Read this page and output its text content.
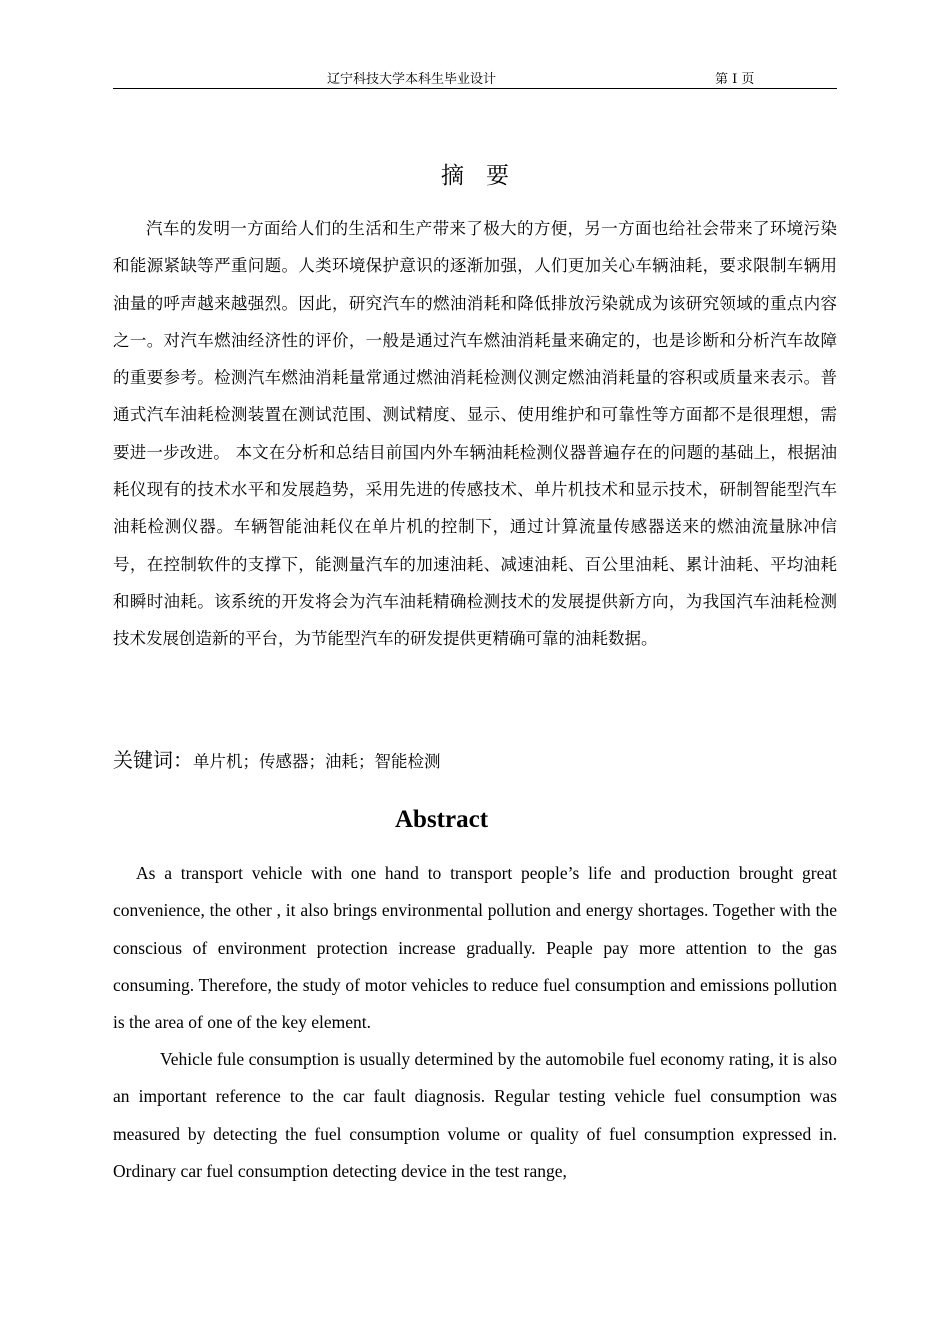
辽宁科技大学本科生毕业设计	第 I 页
摘要

汽车的发明一方面给人们的生活和生产带来了极大的方便，另一方面也给社会带来了环境污染和能源紧缺等严重问题。人类环境保护意识的逐渐加强，人们更加关心车辆油耗，要求限制车辆用油量的呼声越来越强烈。因此，研究汽车的燃油消耗和降低排放污染就成为该研究领域的重点内容之一。对汽车燃油经济性的评价，一般是通过汽车燃油消耗量来确定的，也是诊断和分析汽车故障的重要参考。检测汽车燃油消耗量常通过燃油消耗检测仪测定燃油消耗量的容积或质量来表示。普通式汽车油耗检测装置在测试范围、测试精度、显示、使用维护和可靠性等方面都不是很理想，需要进一步改进。 本文在分析和总结目前国内外车辆油耗检测仪器普遍存在的问题的基础上，根据油耗仪现有的技术水平和发展趋势，采用先进的传感技术、单片机技术和显示技术，研制智能型汽车油耗检测仪器。车辆智能油耗仪在单片机的控制下，通过计算流量传感器送来的燃油流量脉冲信号，在控制软件的支撑下，能测量汽车的加速油耗、减速油耗、百公里油耗、累计油耗、平均油耗和瞬时油耗。该系统的开发将会为汽车油耗精确检测技术的发展提供新方向，为我国汽车油耗检测技术发展创造新的平台，为节能型汽车的研发提供更精确可靠的油耗数据。

关键词：单片机；传感器；油耗；智能检测
Abstract

As a transport vehicle with one hand to transport people’s life and production brought great convenience, the other , it also brings environmental pollution and energy shortages. Together with the conscious of environment protection increase gradually. Peaple pay more attention to the gas consuming. Therefore, the study of motor vehicles to reduce fuel consumption and emissions pollution is the area of one of the key element.

Vehicle fule consumption is usually determined by the automobile fuel economy rating, it is also an important reference to the car fault diagnosis. Regular testing vehicle fuel consumption was measured by detecting the fuel consumption volume or quality of fuel consumption expressed in. Ordinary car fuel consumption detecting device in the test range,
